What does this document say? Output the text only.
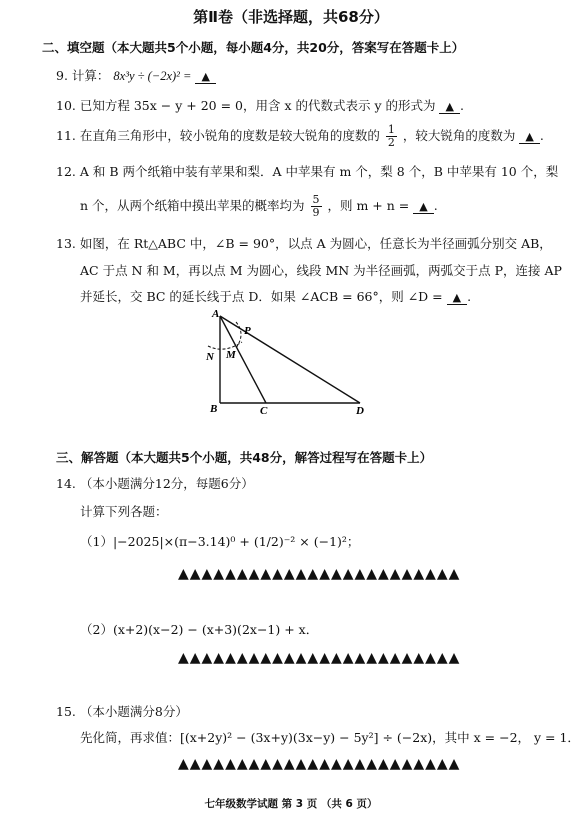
第Ⅱ卷（非选择题，共68分）
二、填空题（本大题共5个小题，每小题4分，共20分，答案写在答题卡上）
9. 计算： 8x³y ÷ (−2x)² = ▲
10. 已知方程 35x − y + 20 = 0，用含 x 的代数式表示 y 的形式为 ▲ .
11. 在直角三角形中，较小锐角的度数是较大锐角的度数的 $\frac{1}{2}$ ，较大锐角的度数为 ▲ .
12. A 和 B 两个纸箱中装有苹果和梨．A 中苹果有 m 个，梨 8 个，B 中苹果有 10 个，梨
n 个，从两个纸箱中摸出苹果的概率均为 $\frac{5}{9}$ ，则 m + n = ▲ .
13. 如图，在 Rt△ABC 中，∠B = 90°，以点 A 为圆心，任意长为半径画弧分别交 AB，
AC 于点 N 和 M，再以点 M 为圆心，线段 MN 为半径画弧，两弧交于点 P，连接 AP
并延长，交 BC 的延长线于点 D．如果 ∠ACB = 66°，则 ∠D = ▲ .
A
P
N M
B	C	D
三、解答题（本大题共5个小题，共48分，解答过程写在答题卡上）
14. （本小题满分12分，每题6分）
计算下列各题：
（1）|−2025|×(π−3.14)⁰ + (1/2)⁻² × (−1)²；
▲▲▲▲▲▲▲▲▲▲▲▲▲▲▲▲▲▲▲▲▲▲▲▲
（2）(x+2)(x−2) − (x+3)(2x−1) + x．
▲▲▲▲▲▲▲▲▲▲▲▲▲▲▲▲▲▲▲▲▲▲▲▲
15. （本小题满分8分）
先化简，再求值：[(x+2y)² − (3x+y)(3x−y) − 5y²] ÷ (−2x)，其中 x = −2， y = 1．
▲▲▲▲▲▲▲▲▲▲▲▲▲▲▲▲▲▲▲▲▲▲▲▲
七年级数学试题 第 3 页 （共 6 页）
